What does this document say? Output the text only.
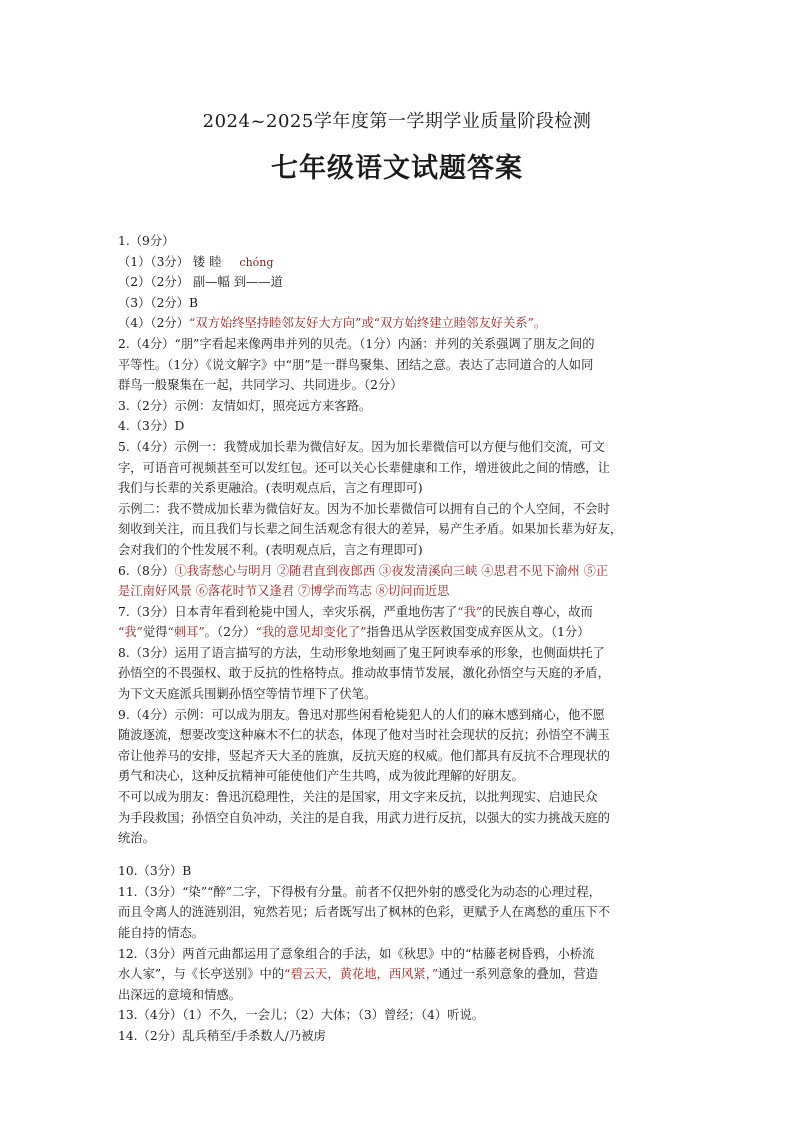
2024~2025学年度第一学期学业质量阶段检测
七年级语文试题答案
1.（9分）
（1）（3分） 镂 睦 chóng
（2）（2分） 副—幅 到——道
（3）（2分）B
（4）（2分）“双方始终坚持睦邻友好大方向”或“双方始终建立睦邻友好关系”。
2.（4分）“朋”字看起来像两串并列的贝壳。（1分）内涵：并列的关系强调了朋友之间的
平等性。（1分）《说文解字》中“朋”是一群鸟聚集、团结之意。表达了志同道合的人如同
群鸟一般聚集在一起，共同学习、共同进步。（2分）
3.（2分）示例：友情如灯，照亮远方来客路。
4.（3分）D
5.（4分）示例一：我赞成加长辈为微信好友。因为加长辈微信可以方便与他们交流，可文
字，可语音可视频甚至可以发红包。还可以关心长辈健康和工作，增进彼此之间的情感，让
我们与长辈的关系更融洽。(表明观点后，言之有理即可)
示例二：我不赞成加长辈为微信好友。因为不加长辈微信可以拥有自己的个人空间，不会时
刻收到关注，而且我们与长辈之间生活观念有很大的差异，易产生矛盾。如果加长辈为好友，
会对我们的个性发展不利。(表明观点后，言之有理即可)
6.（8分）①我寄愁心与明月 ②随君直到夜郎西 ③夜发清溪向三峡 ④思君不见下渝州 ⑤正
是江南好风景 ⑥落花时节又逢君 ⑦博学而笃志 ⑧切问而近思
7.（3分）日本青年看到枪毙中国人，幸灾乐祸，严重地伤害了“我”的民族自尊心，故而
“我”觉得“刺耳”。（2分）“我的意见却变化了”指鲁迅从学医救国变成弃医从文。（1分）
8.（3分）运用了语言描写的方法，生动形象地刻画了鬼王阿谀奉承的形象，也侧面烘托了
孙悟空的不畏强权、敢于反抗的性格特点。推动故事情节发展，激化孙悟空与天庭的矛盾，
为下文天庭派兵围剿孙悟空等情节埋下了伏笔。
9.（4分）示例：可以成为朋友。鲁迅对那些闲看枪毙犯人的人们的麻木感到痛心，他不愿
随波逐流，想要改变这种麻木不仁的状态，体现了他对当时社会现状的反抗；孙悟空不满玉
帝让他养马的安排，竖起齐天大圣的旌旗，反抗天庭的权威。他们都具有反抗不合理现状的
勇气和决心，这种反抗精神可能使他们产生共鸣，成为彼此理解的好朋友。
不可以成为朋友：鲁迅沉稳理性，关注的是国家，用文字来反抗，以批判现实、启迪民众
为手段救国；孙悟空自负冲动，关注的是自我，用武力进行反抗，以强大的实力挑战天庭的
统治。
10.（3分）B
11.（3分）“染”“醉”二字，下得极有分量。前者不仅把外射的感受化为动态的心理过程，
而且令离人的涟涟别泪，宛然若见；后者既写出了枫林的色彩，更赋予人在离愁的重压下不
能自持的情态。
12.（3分）两首元曲都运用了意象组合的手法，如《秋思》中的“枯藤老树昏鸦，小桥流
水人家”，与《长亭送别》中的“碧云天，黄花地，西风紧，”通过一系列意象的叠加，营造
出深远的意境和情感。
13.（4分）（1）不久，一会儿；（2）大体；（3）曾经；（4）听说。
14.（2分）乱兵稍至/手杀数人/乃被虏
